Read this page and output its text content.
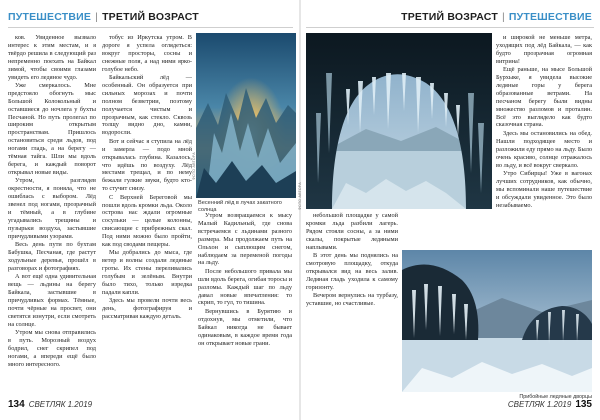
ПУТЕШЕСТВИЕ | ТРЕТИЙ ВОЗРАСТ

ков. Увиденное вызвало интерес к этим местам, и я твёрдо решила в следующий раз непременно поехать на Байкал зимой, чтобы своими глазами увидеть его ледяное чудо.

Уже смеркалось. Мне предстояло обогнуть мыс Большой Колокольный и оставшиеся до ночлега у бухты Песчаной. Но путь пролегал по широким открытым пространствам. Пришлось остановиться среди льдов, под ногами гладь, а на берегу — тёмная тайга. Шли мы вдоль берега, и каждый поворот открывал новые виды.

Утром, разглядев окрестности, я поняла, что не ошиблась с выбором. Лёд звенел под ногами, прозрачный и тёмный, а в глубине угадывались трещины и пузырьки воздуха, застывшие причудливыми узорами.

Весь день пути по бухтам Бабушка, Песчаная, где растут ходульные деревья, прошёл в разговорах и фотографиях.

А вот ещё одна удивительная вещь — льдины на берегу Байкала, застывшие в причудливых формах. Тёмные, почти чёрные на просвет, они светятся изнутри, если смотреть на солнце.

Утром мы снова отправились в путь. Морозный воздух бодрил, снег скрипел под ногами, а впереди ещё было много интересного.

тобус из Иркутска утром. В дороге я успела оглядеться: вокруг просторы, сосны и снежные поля, а над ними ярко-голубое небо.

Байкальский лёд — особенный. Он образуется при сильных морозах и почти полном безветрии, поэтому получается чистым и прозрачным, как стекло. Сквозь толщу видно дно, камни, водоросли.

Вот и сейчас я ступила на лёд и замерла — подо мной открывалась глубина. Казалось, что идёшь по воздуху. Лёд местами трещал, и по нему бежали гулкие звуки, будто кто-то стучит снизу.

С Верхней Береговой мы пошли вдоль кромки льда. Около острова нас ждали огромные сосульки — целые колонны, свисающие с прибрежных скал. Под ними можно было пройти, как под сводами пещеры.

Мы добрались до мыса, где ветер и волны создали ледяные гроты. Их стены переливались голубым и зелёным. Внутри было тихо, только изредка падали капли.

Здесь мы провели почти весь день, фотографируя и рассматривая каждую деталь.

ФОТО АВТОРА
Весенний лёд в лучах закатного солнца

Утром возвращаемся к мысу Малый Кадильный, где снова встречаемся с льдинами разного размера. Мы продолжаем путь на Ольхон и сыплющим снегом, наблюдаем за переменой погоды на льду.

После небольшого привала мы шли вдоль берега, огибая торосы и разломы. Каждый шаг по льду давал новые впечатления: то скрип, то гул, то тишина.

Вернувшись в Бурятию и отдохнув, мы отметили, что Байкал никогда не бывает одинаковым, в каждое время года он открывает новые грани.

134 СВЕТЛЯК 1.2019
ТРЕТИЙ ВОЗРАСТ | ПУТЕШЕСТВИЕ

небольшой площадке у самой кромки льда разбили лагерь. Рядом стояли сосны, а за ними скалы, покрытые ледяными наплывами.

В этот день мы поднялись на смотровую площадку, откуда открывался вид на весь залив. Ледяная гладь уходила к самому горизонту.

Вечером вернулись на турбазу, уставшие, но счастливые.

и широкой не меньше метра, уходящих под лёд Байкала, — как будто прозрачная огромная витрина!

Ещё раньше, на мысе Большой Бурхыке, я увидела высокие ледяные горы у берега образованные ветрами. На песчаном берегу были видны множество разломов и проталин. Всё это выглядело как будто сказочная страна.

Здесь мы остановились на обед. Нашли подходящее место и разложили еду прямо на льду. Было очень красиво, солнце отражалось во льду, и всё вокруг сверкало.

Утро Сибирцы! Уже в вагонах лучших сотрудников, как обычно, мы вспоминали наше путешествие и обсуждали увиденное. Это было незабываемо.

ФОТО АВТОРА
Прибойные ледяные дворцы
СВЕТЛЯК 1.2019 135
